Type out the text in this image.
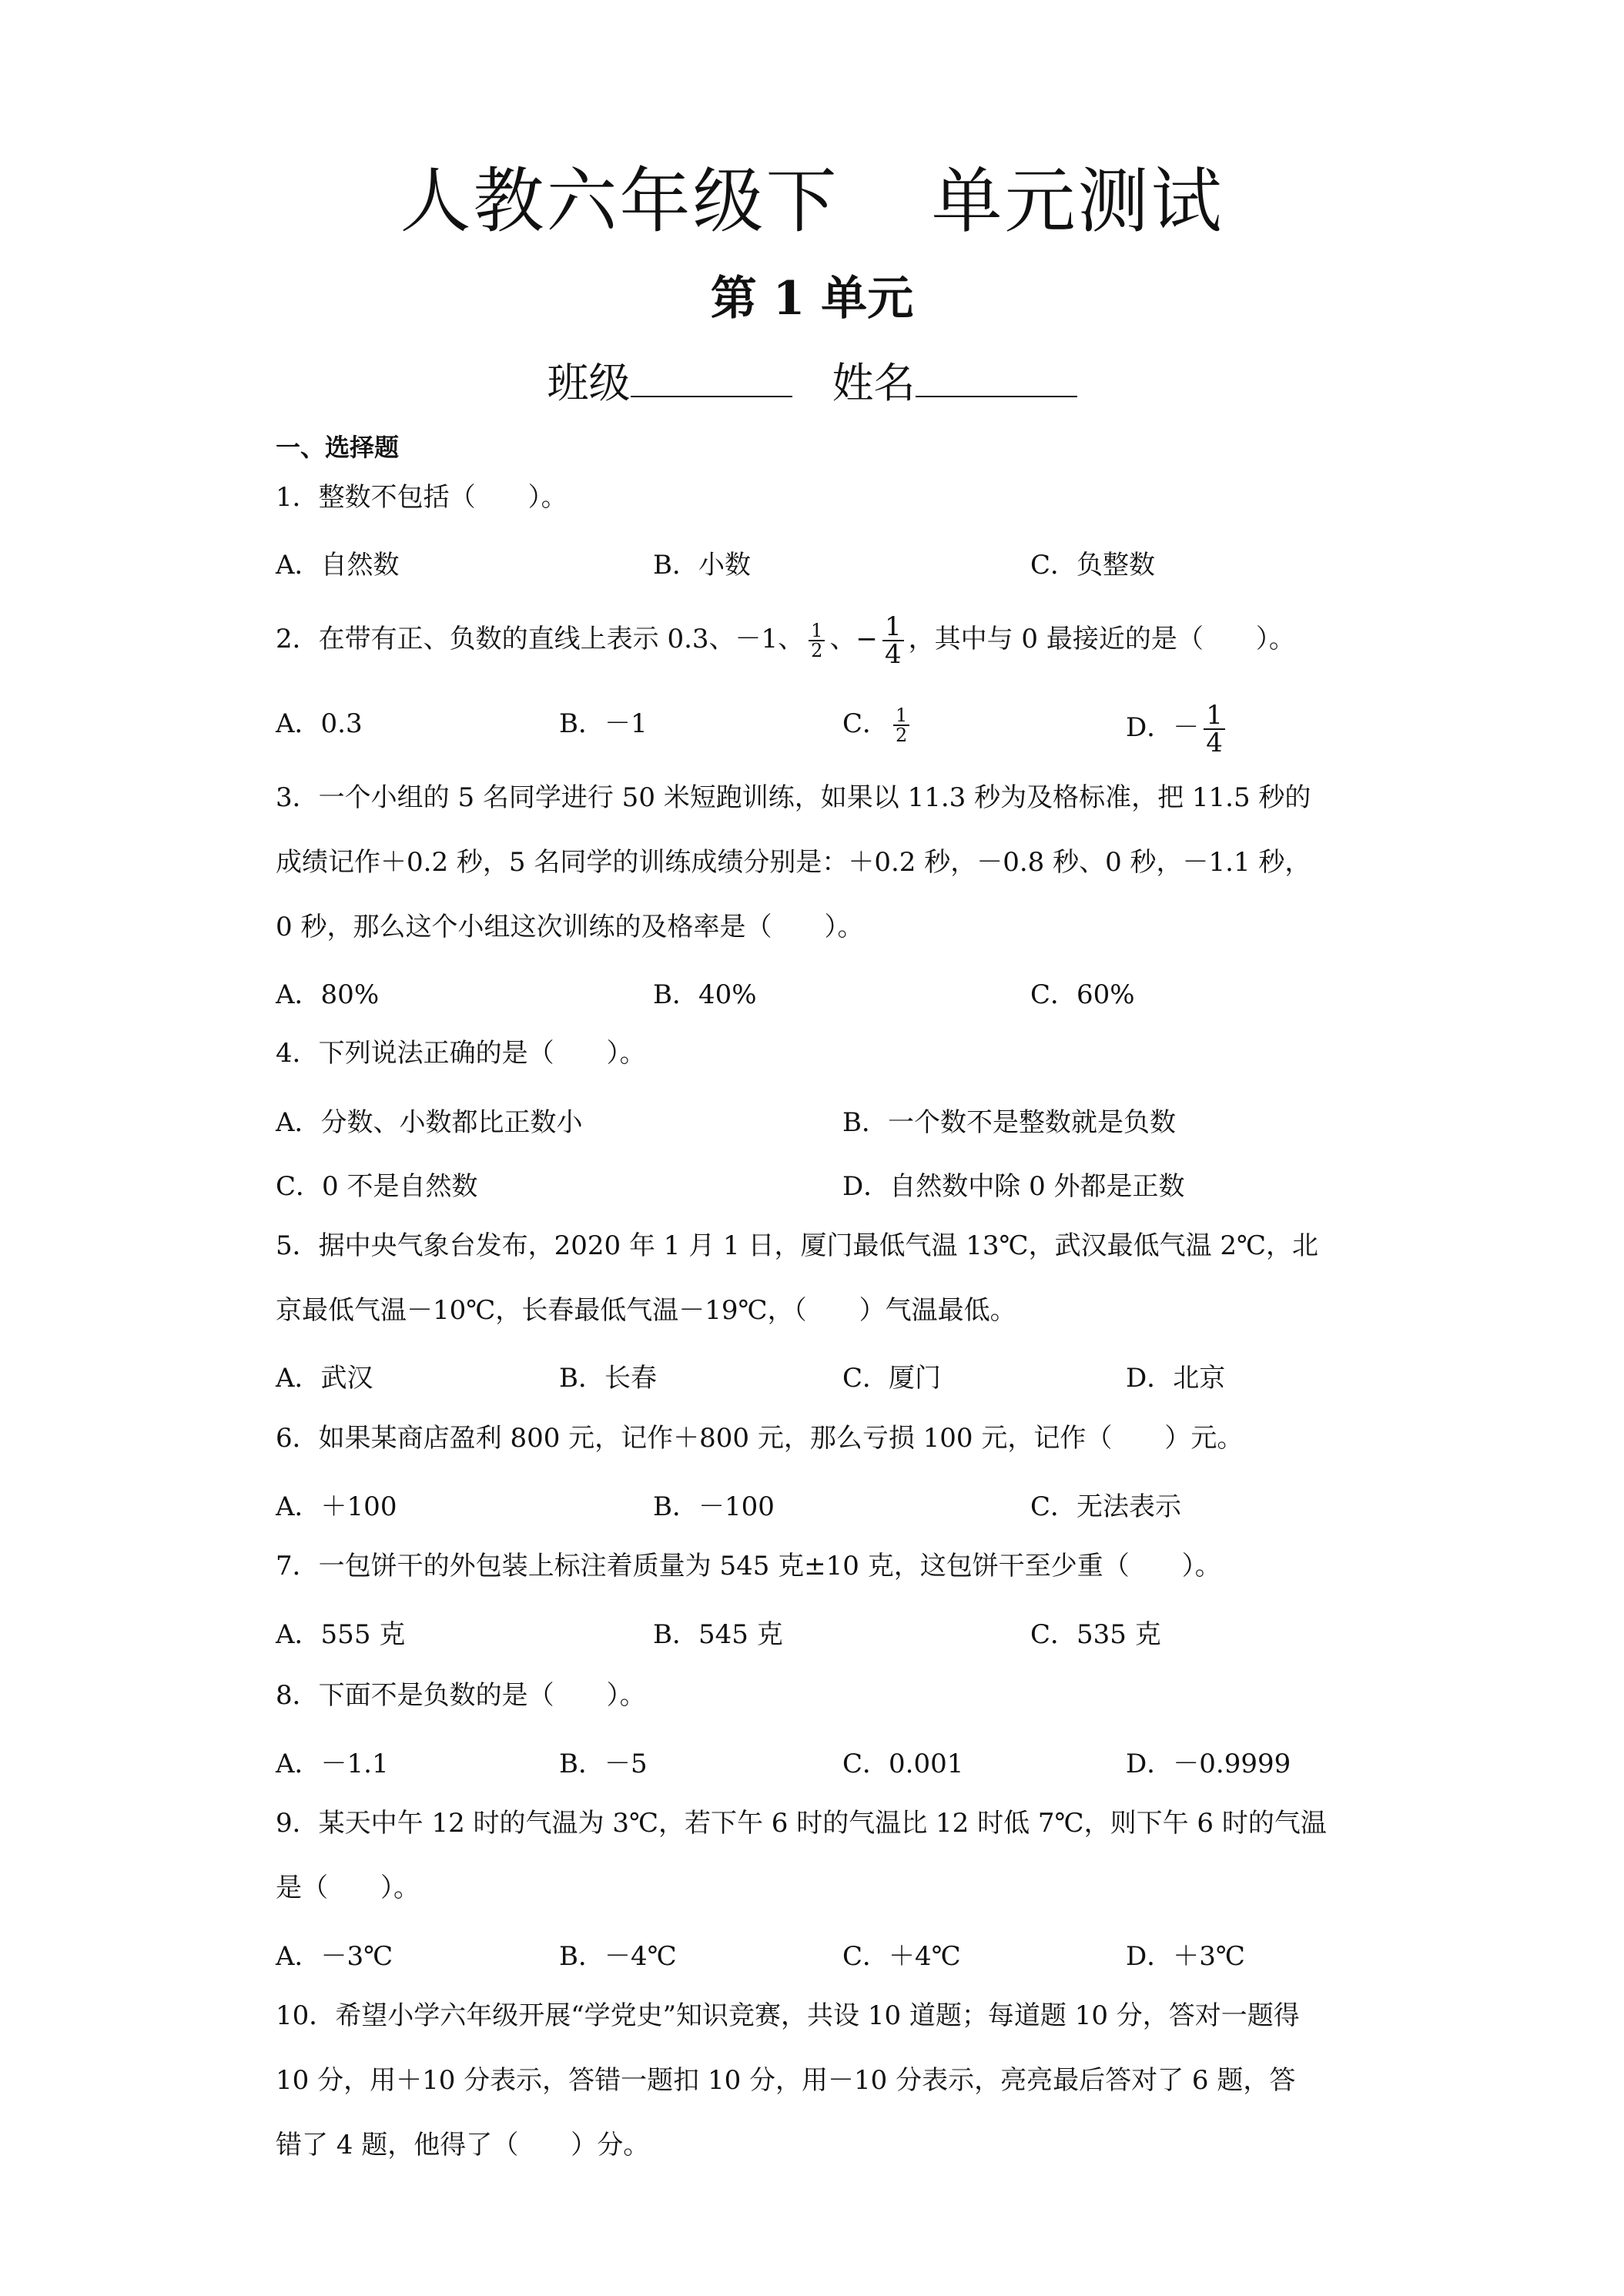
人教六年级下 单元测试
第 1 单元
班级	姓名
一、选择题
1．整数不包括（　　）。
A．自然数	B．小数	C．负整数
2．在带有正、负数的直线上表示 0.3、－1、 $\frac{1}{2}$ 、− $\frac{1}{4}$ ，其中与 0 最接近的是（　　）。
A．0.3	B．－1	C． $\frac{1}{2}$	D．－ $\frac{1}{4}$
3．一个小组的 5 名同学进行 50 米短跑训练，如果以 11.3 秒为及格标准，把 11.5 秒的
成绩记作＋0.2 秒，5 名同学的训练成绩分别是：＋0.2 秒，－0.8 秒、0 秒，－1.1 秒，
0 秒，那么这个小组这次训练的及格率是（　　）。
A．80%	B．40%	C．60%
4．下列说法正确的是（　　）。
A．分数、小数都比正数小	B．一个数不是整数就是负数
C．0 不是自然数	D．自然数中除 0 外都是正数
5．据中央气象台发布，2020 年 1 月 1 日，厦门最低气温 13℃，武汉最低气温 2℃，北
京最低气温－10℃，长春最低气温－19℃，（　　）气温最低。
A．武汉	B．长春	C．厦门	D．北京
6．如果某商店盈利 800 元，记作＋800 元，那么亏损 100 元，记作（　　）元。
A．＋100	B．－100	C．无法表示
7．一包饼干的外包装上标注着质量为 545 克±10 克，这包饼干至少重（　　）。
A．555 克	B．545 克	C．535 克
8．下面不是负数的是（　　）。
A．－1.1	B．－5	C．0.001	D．－0.9999
9．某天中午 12 时的气温为 3℃，若下午 6 时的气温比 12 时低 7℃，则下午 6 时的气温
是（　　）。
A．－3℃	B．－4℃	C．＋4℃	D．＋3℃
10．希望小学六年级开展“学党史”知识竞赛，共设 10 道题；每道题 10 分，答对一题得
10 分，用＋10 分表示，答错一题扣 10 分，用－10 分表示，亮亮最后答对了 6 题，答
错了 4 题，他得了（　　）分。
